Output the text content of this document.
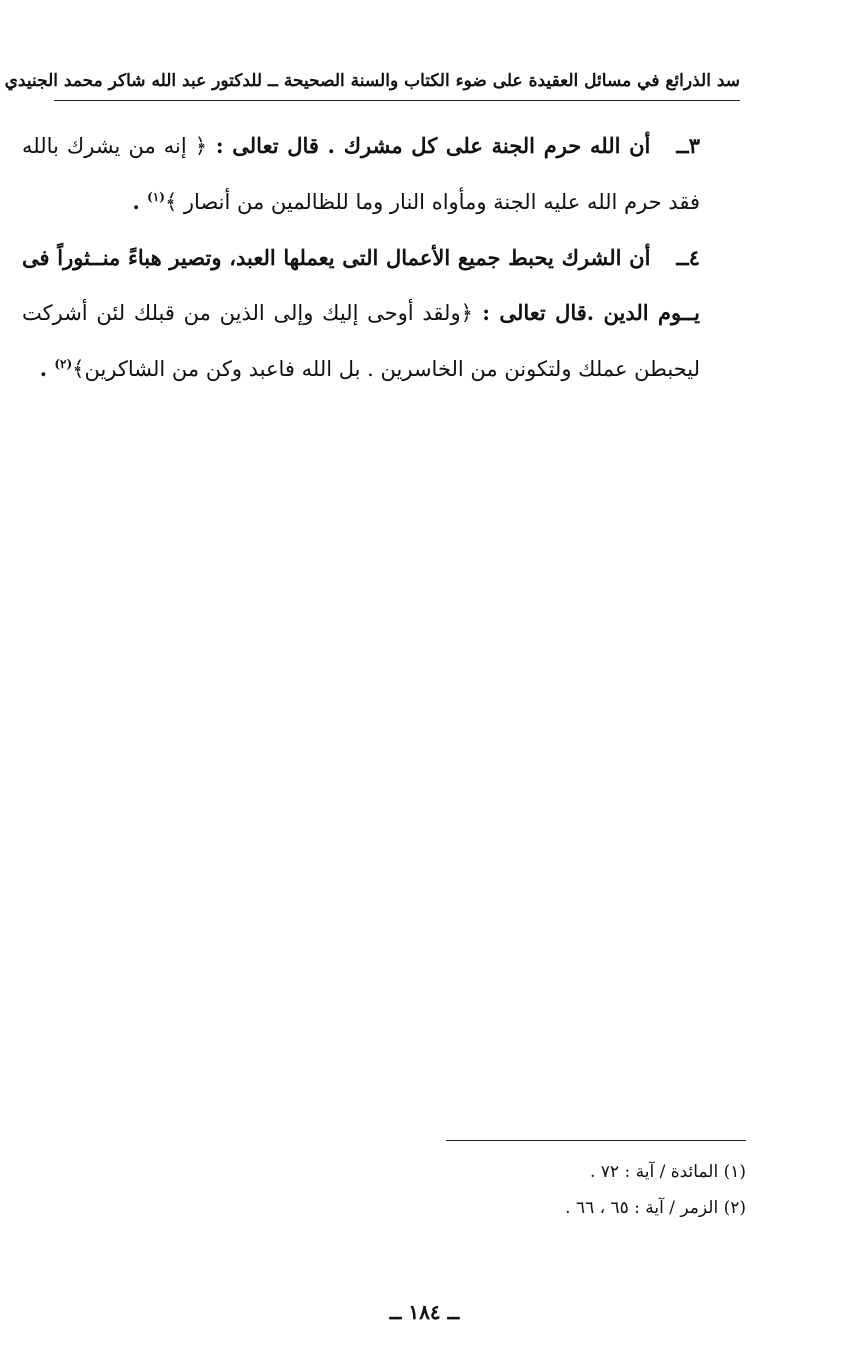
سد الذرائع في مسائل العقيدة على ضوء الكتاب والسنة الصحيحة ــ للدكتور عبد الله شاكر محمد الجنيدي

٣ــأن الله حرم الجنة على كل مشرك . قال تعالى : ﴿ إنه من يشرك بالله فقد حرم الله عليه الجنة ومأواه النار وما للظالمين من أنصار ﴾$^{(١)}$ .

٤ــأن الشرك يحبط جميع الأعمال التى يعملها العبد، وتصير هباءً منــثوراً فى يــوم الدين .قال تعالى : ﴿ولقد أوحى إليك وإلى الذين من قبلك لئن أشركت ليحبطن عملك ولتكونن من الخاسرين . بل الله فاعبد وكن من الشاكرين﴾$^{(٢)}$ .

(١) المائدة / آية : ٧٢ .

(٢) الزمر / آية : ٦٥ ، ٦٦ .

ــ ١٨٤ ــ
